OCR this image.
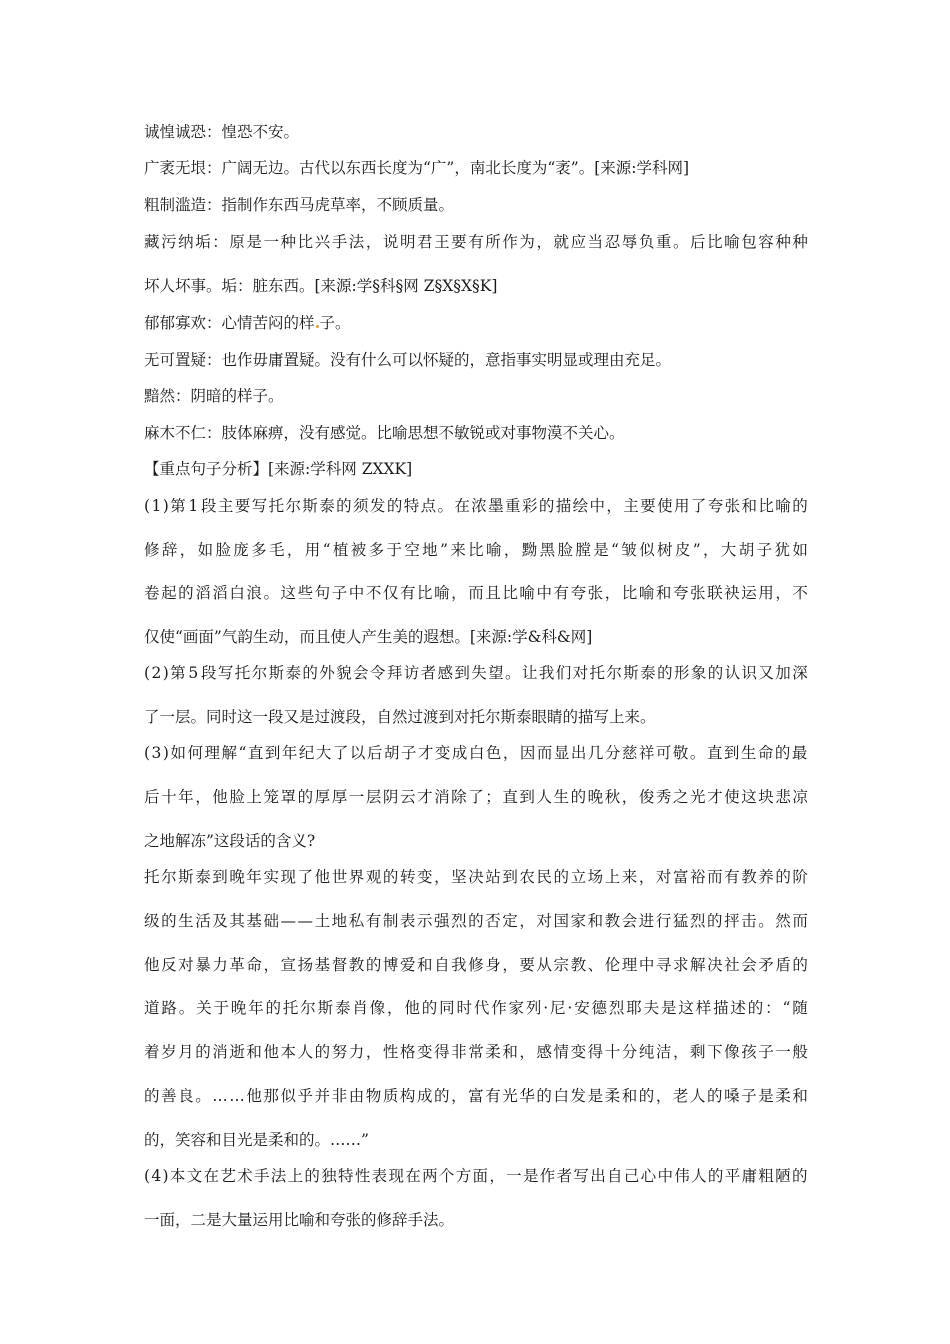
诚惶诚恐：惶恐不安。

广袤无垠：广阔无边。古代以东西长度为“广”，南北长度为“袤”。[来源:学科网]

粗制滥造：指制作东西马虎草率，不顾质量。

藏 污 纳 垢 ： 原 是 一 种 比 兴 手 法 ， 说 明 君 王 要 有 所 作 为 ， 就 应 当 忍 辱 负 重 。 后 比 喻 包 容 种 种

坏人坏事。垢：脏东西。[来源:学§科§网 Z§X§X§K]

郁郁寡欢：心情苦闷的样 子。

无可置疑：也作毋庸置疑。没有什么可以怀疑的，意指事实明显或理由充足。

黯然：阴暗的样子。

麻木不仁：肢体麻痹，没有感觉。比喻思想不敏锐或对事物漠不关心。

【重点句子分析】[来源:学科网 ZXXK]

( 1 ) 第 1 段 主 要 写 托 尔 斯 泰 的 须 发 的 特 点 。 在 浓 墨 重 彩 的 描 绘 中 ， 主 要 使 用 了 夸 张 和 比 喻 的

修 辞 ， 如 脸 庞 多 毛 ， 用 “ 植 被 多 于 空 地 ” 来 比 喻 ， 黝 黑 脸 膛 是 “ 皱 似 树 皮 ” ， 大 胡 子 犹 如

卷 起 的 滔 滔 白 浪 。 这 些 句 子 中 不 仅 有 比 喻 ， 而 且 比 喻 中 有 夸 张 ， 比 喻 和 夸 张 联 袂 运 用 ， 不

仅使“画面”气韵生动，而且使人产生美的遐想。[来源:学&科&网]

( 2 ) 第 5 段 写 托 尔 斯 泰 的 外 貌 会 令 拜 访 者 感 到 失 望 。 让 我 们 对 托 尔 斯 泰 的 形 象 的 认 识 又 加 深

了一层。同时这一段又是过渡段，自然过渡到对托尔斯泰眼睛的描写上来。

( 3 ) 如 何 理 解 “ 直 到 年 纪 大 了 以 后 胡 子 才 变 成 白 色 ， 因 而 显 出 几 分 慈 祥 可 敬 。 直 到 生 命 的 最

后 十 年 ， 他 脸 上 笼 罩 的 厚 厚 一 层 阴 云 才 消 除 了 ； 直 到 人 生 的 晚 秋 ， 俊 秀 之 光 才 使 这 块 悲 凉

之地解冻”这段话的含义?

托 尔 斯 泰 到 晚 年 实 现 了 他 世 界 观 的 转 变 ， 坚 决 站 到 农 民 的 立 场 上 来 ， 对 富 裕 而 有 教 养 的 阶

级 的 生 活 及 其 基 础 — — 土 地 私 有 制 表 示 强 烈 的 否 定 ， 对 国 家 和 教 会 进 行 猛 烈 的 抨 击 。 然 而

他 反 对 暴 力 革 命 ， 宣 扬 基 督 教 的 博 爱 和 自 我 修 身 ， 要 从 宗 教 、 伦 理 中 寻 求 解 决 社 会 矛 盾 的

道 路 。 关 于 晚 年 的 托 尔 斯 泰 肖 像 ， 他 的 同 时 代 作 家 列 · 尼 · 安 德 烈 耶 夫 是 这 样 描 述 的 ： “ 随

着 岁 月 的 消 逝 和 他 本 人 的 努 力 ， 性 格 变 得 非 常 柔 和 ， 感 情 变 得 十 分 纯 洁 ， 剩 下 像 孩 子 一 般

的 善 良 。 … … 他 那 似 乎 并 非 由 物 质 构 成 的 ， 富 有 光 华 的 白 发 是 柔 和 的 ， 老 人 的 嗓 子 是 柔 和

的，笑容和目光是柔和的。……”

( 4 ) 本 文 在 艺 术 手 法 上 的 独 特 性 表 现 在 两 个 方 面 ， 一 是 作 者 写 出 自 己 心 中 伟 人 的 平 庸 粗 陋 的

一面，二是大量运用比喻和夸张的修辞手法。
